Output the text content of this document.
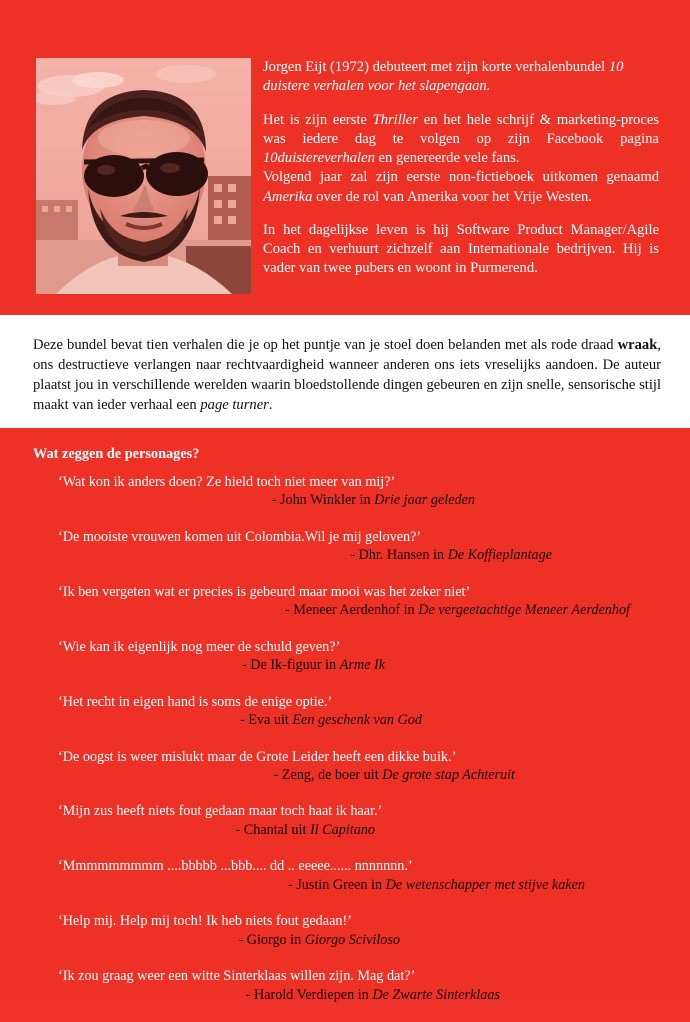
Jorgen Eijt (1972) debuteert met zijn korte verhalenbundel 10 duistere verhalen voor het slapengaan.

Het is zijn eerste Thriller en het hele schrijf & marketing-proces was iedere dag te volgen op zijn Facebook pagina 10duistereverhalen en genereerde vele fans.
Volgend jaar zal zijn eerste non-fictieboek uitkomen genaamd Amerika over de rol van Amerika voor het Vrije Westen.

In het dagelijkse leven is hij Software Product Manager/Agile Coach en verhuurt zichzelf aan Internationale bedrijven. Hij is vader van twee pubers en woont in Purmerend.

Deze bundel bevat tien verhalen die je op het puntje van je stoel doen belanden met als rode draad wraak, ons destructieve verlangen naar rechtvaardigheid wanneer anderen ons iets vreselijks aandoen. De auteur plaatst jou in verschillende werelden waarin bloedstollende dingen gebeuren en zijn snelle, sensorische stijl maakt van ieder verhaal een page turner.
Wat zeggen de personages?
‘Wat kon ik anders doen? Ze hield toch niet meer van mij?’
- John Winkler in Drie jaar geleden
‘De mooiste vrouwen komen uit Colombia.Wil je mij geloven?’
- Dhr. Hansen in De Koffieplantage
‘Ik ben vergeten wat er precies is gebeurd maar mooi was het zeker niet’
- Meneer Aerdenhof in De vergeetachtige Meneer Aerdenhof
‘Wie kan ik eigenlijk nog meer de schuld geven?’
- De Ik-figuur in Arme Ik
‘Het recht in eigen hand is soms de enige optie.’
- Eva uit Een geschenk van God
‘De oogst is weer mislukt maar de Grote Leider heeft een dikke buik.’
- Zeng, de boer uit De grote stap Achteruit
‘Mijn zus heeft niets fout gedaan maar toch haat ik haar.’
- Chantal uit Il Capitano
‘Mmmmmmmmm ....bbbbb ...bbb.... dd .. eeeee...... nnnnnnn.’
- Justin Green in De wetenschapper met stijve kaken
‘Help mij. Help mij toch! Ik heb niets fout gedaan!’
- Giorgo in Giorgo Sciviloso
‘Ik zou graag weer een witte Sinterklaas willen zijn. Mag dat?’
- Harold Verdiepen in De Zwarte Sinterklaas
